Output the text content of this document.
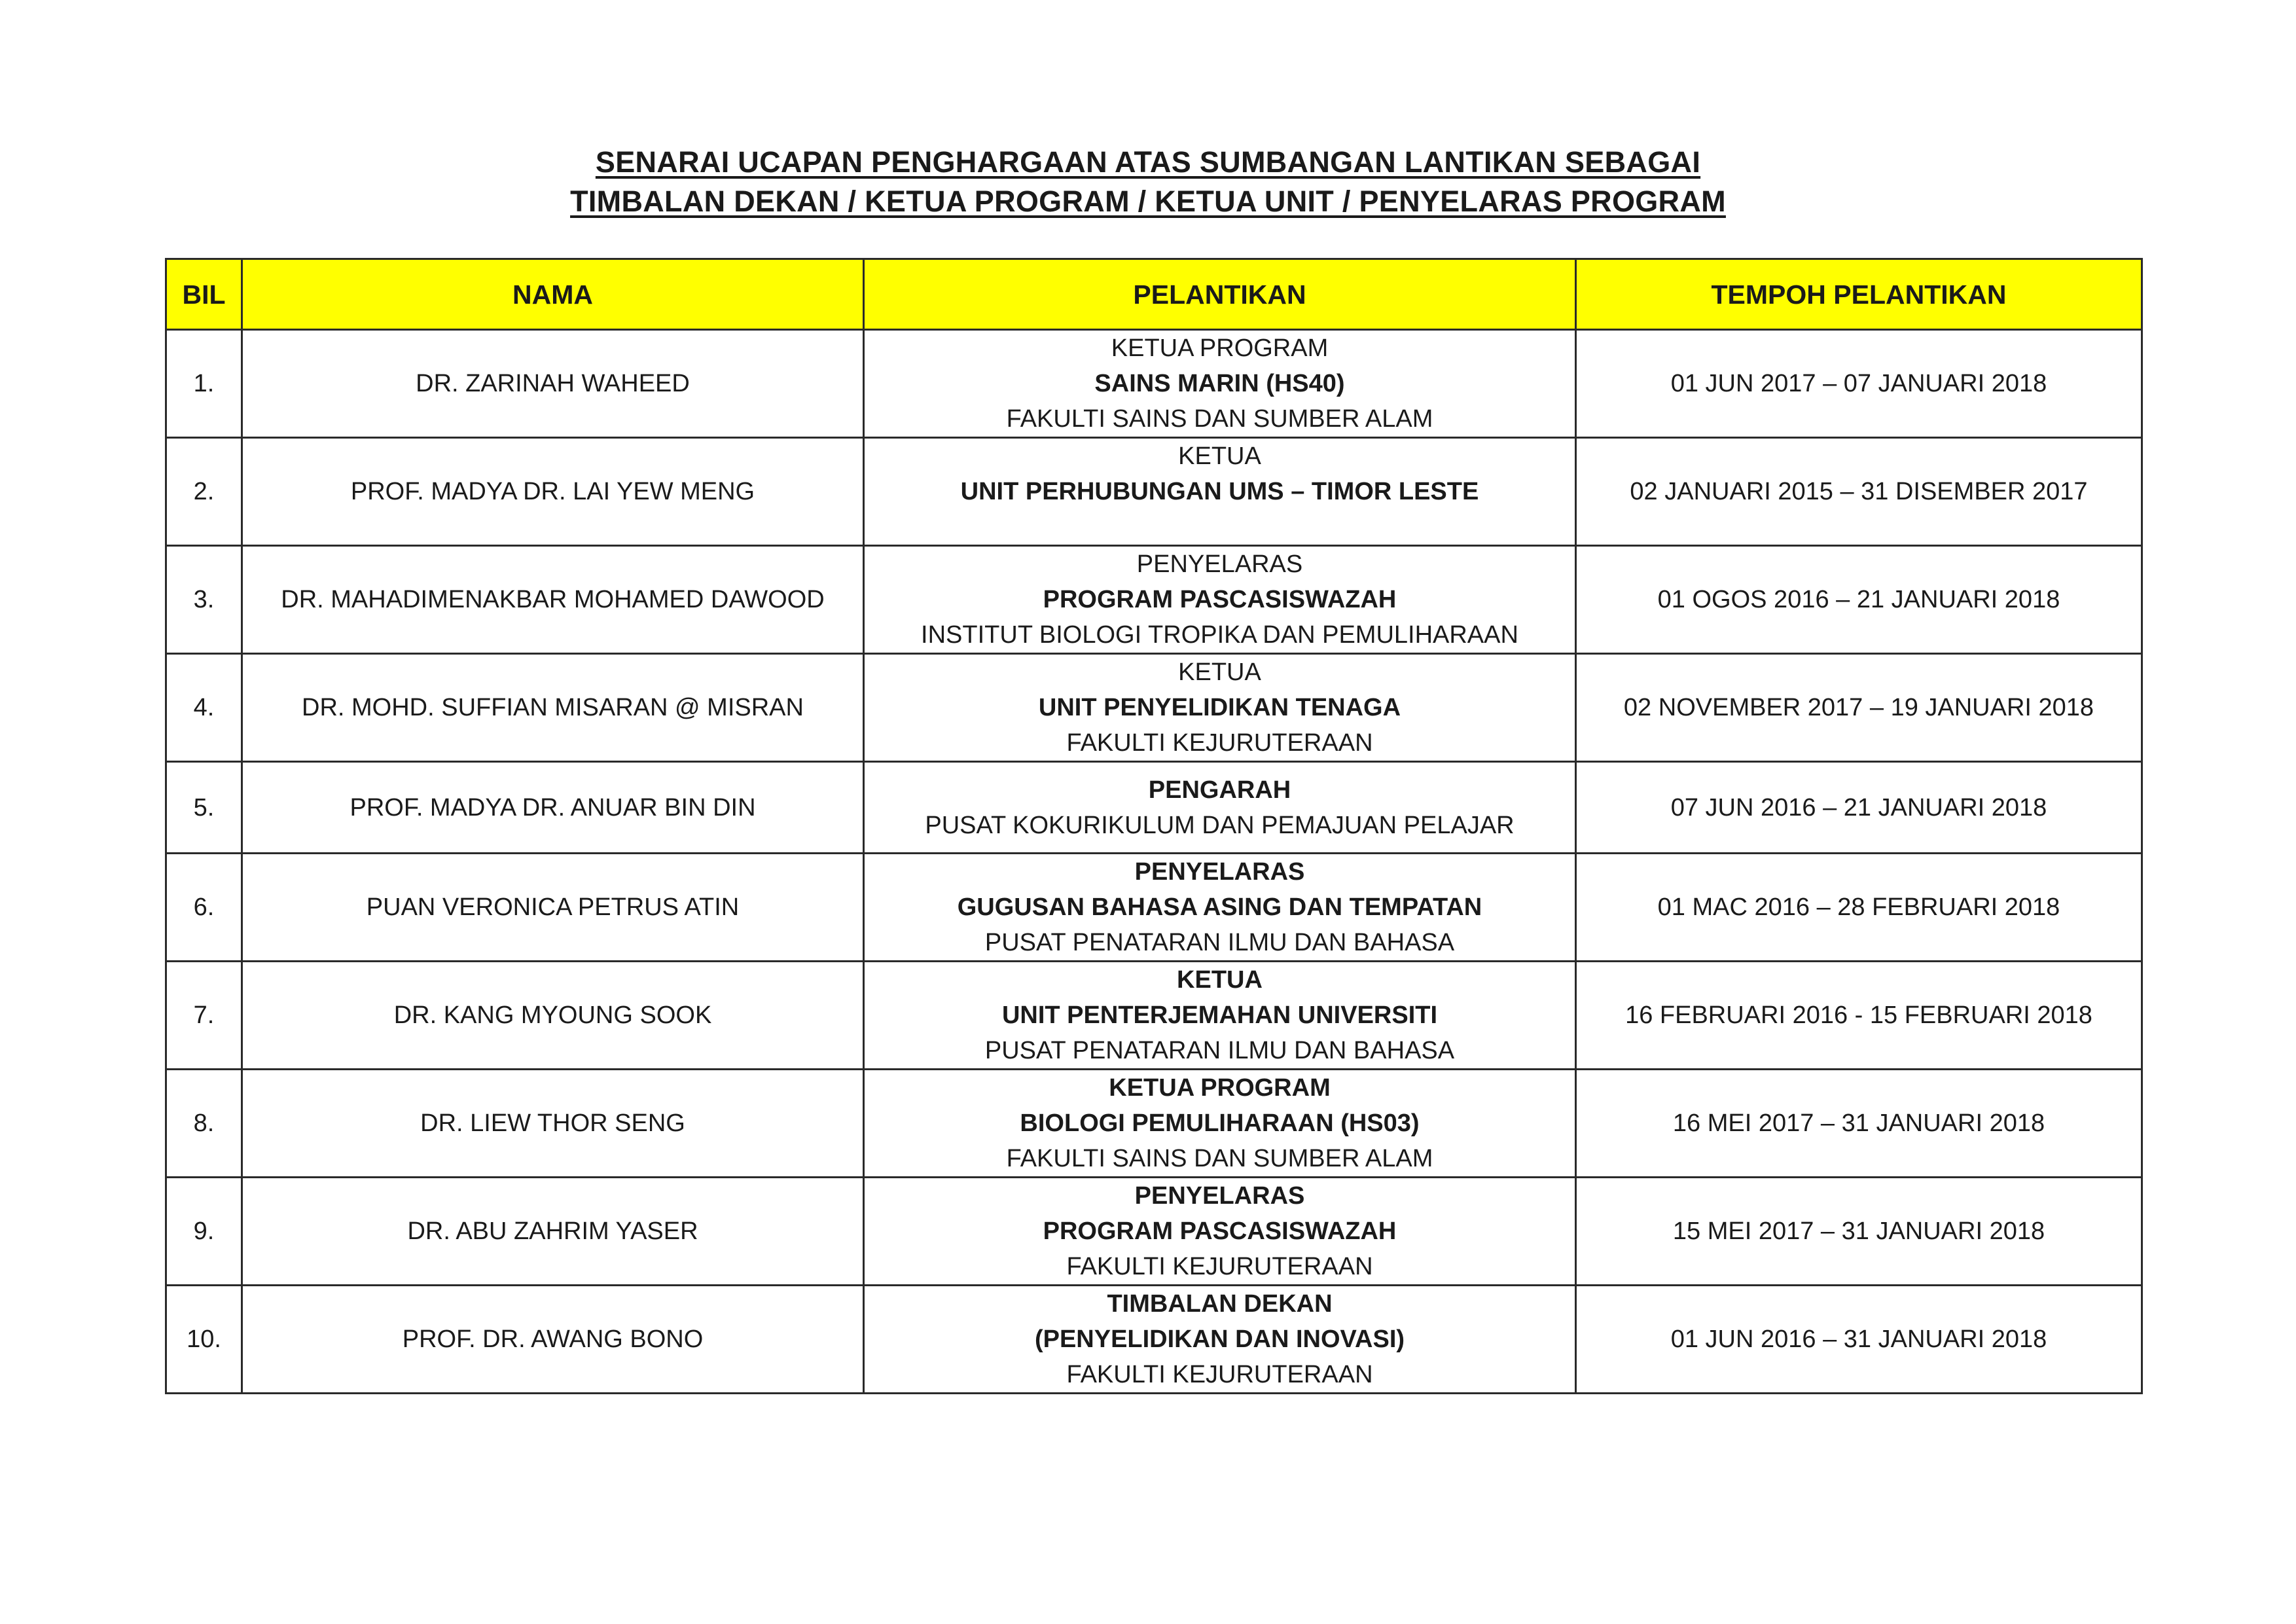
SENARAI UCAPAN PENGHARGAAN ATAS SUMBANGAN LANTIKAN SEBAGAI
TIMBALAN DEKAN / KETUA PROGRAM / KETUA UNIT / PENYELARAS PROGRAM
BIL	NAMA	PELANTIKAN	TEMPOH PELANTIKAN
1.	DR. ZARINAH WAHEED	KETUA PROGRAM
SAINS MARIN (HS40)
FAKULTI SAINS DAN SUMBER ALAM	01 JUN 2017 – 07 JANUARI 2018
2.	PROF. MADYA DR. LAI YEW MENG	KETUA
UNIT PERHUBUNGAN UMS – TIMOR LESTE	02 JANUARI 2015 – 31 DISEMBER 2017
3.	DR. MAHADIMENAKBAR MOHAMED DAWOOD	PENYELARAS
PROGRAM PASCASISWAZAH
INSTITUT BIOLOGI TROPIKA DAN PEMULIHARAAN	01 OGOS 2016 – 21 JANUARI 2018
4.	DR. MOHD. SUFFIAN MISARAN @ MISRAN	KETUA
UNIT PENYELIDIKAN TENAGA
FAKULTI KEJURUTERAAN	02 NOVEMBER 2017 – 19 JANUARI 2018
5.	PROF. MADYA DR. ANUAR BIN DIN	PENGARAH
PUSAT KOKURIKULUM DAN PEMAJUAN PELAJAR	07 JUN 2016 – 21 JANUARI 2018
6.	PUAN VERONICA PETRUS ATIN	PENYELARAS
GUGUSAN BAHASA ASING DAN TEMPATAN
PUSAT PENATARAN ILMU DAN BAHASA	01 MAC 2016 – 28 FEBRUARI 2018
7.	DR. KANG MYOUNG SOOK	KETUA
UNIT PENTERJEMAHAN UNIVERSITI
PUSAT PENATARAN ILMU DAN BAHASA	16 FEBRUARI 2016 - 15 FEBRUARI 2018
8.	DR. LIEW THOR SENG	KETUA PROGRAM
BIOLOGI PEMULIHARAAN (HS03)
FAKULTI SAINS DAN SUMBER ALAM	16 MEI 2017 – 31 JANUARI 2018
9.	DR. ABU ZAHRIM YASER	PENYELARAS
PROGRAM PASCASISWAZAH
FAKULTI KEJURUTERAAN	15 MEI 2017 – 31 JANUARI 2018
10.	PROF. DR. AWANG BONO	TIMBALAN DEKAN
(PENYELIDIKAN DAN INOVASI)
FAKULTI KEJURUTERAAN	01 JUN 2016 – 31 JANUARI 2018
